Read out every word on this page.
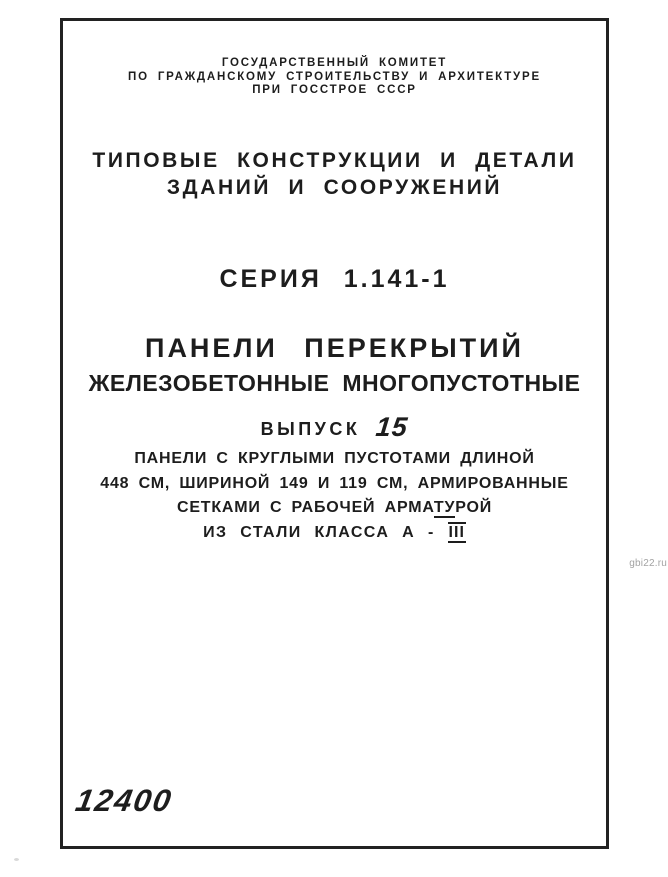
ГОСУДАРСТВЕННЫЙ КОМИТЕТ
ПО ГРАЖДАНСКОМУ СТРОИТЕЛЬСТВУ И АРХИТЕКТУРЕ
ПРИ ГОССТРОЕ СССР
ТИПОВЫЕ КОНСТРУКЦИИ И ДЕТАЛИ
ЗДАНИЙ И СООРУЖЕНИЙ
СЕРИЯ 1.141-1
ПАНЕЛИ ПЕРЕКРЫТИЙ
ЖЕЛЕЗОБЕТОННЫЕ МНОГОПУСТОТНЫЕ
ВЫПУСК 15
ПАНЕЛИ С КРУГЛЫМИ ПУСТОТАМИ ДЛИНОЙ
448 СМ, ШИРИНОЙ 149 И 119 СМ, АРМИРОВАННЫЕ
СЕТКАМИ С РАБОЧЕЙ АРМАТУРОЙ
ИЗ СТАЛИ КЛАССА А - III
12400
gbi22.ru
